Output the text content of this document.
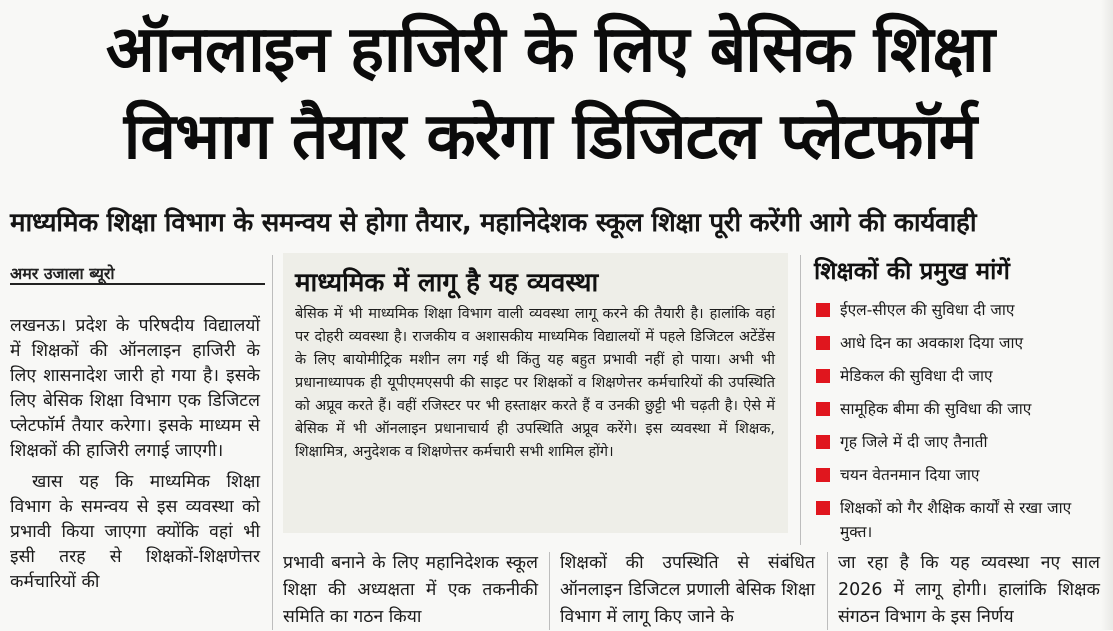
ऑनलाइन हाजिरी के लिए बेसिक शिक्षा
विभाग तैयार करेगा डिजिटल प्लेटफॉर्म
माध्यमिक शिक्षा विभाग के समन्वय से होगा तैयार, महानिदेशक स्कूल शिक्षा पूरी करेंगी आगे की कार्यवाही
अमर उजाला ब्यूरो

लखनऊ। प्रदेश के परिषदीय विद्यालयों में शिक्षकों की ऑनलाइन हाजिरी के लिए शासनादेश जारी हो गया है। इसके लिए बेसिक शिक्षा विभाग एक डिजिटल प्लेटफॉर्म तैयार करेगा। इसके माध्यम से शिक्षकों की हाजिरी लगाई जाएगी।

खास यह कि माध्यमिक शिक्षा विभाग के समन्वय से इस व्यवस्था को प्रभावी किया जाएगा क्योंकि वहां भी इसी तरह से शिक्षकों-शिक्षणेत्तर कर्मचारियों की

माध्यमिक में लागू है यह व्यवस्था
बेसिक में भी माध्यमिक शिक्षा विभाग वाली व्यवस्था लागू करने की तैयारी है। हालांकि वहां पर दोहरी व्यवस्था है। राजकीय व अशासकीय माध्यमिक विद्यालयों में पहले डिजिटल अटेंडेंस के लिए बायोमीट्रिक मशीन लग गई थी किंतु यह बहुत प्रभावी नहीं हो पाया। अभी भी प्रधानाध्यापक ही यूपीएमएसपी की साइट पर शिक्षकों व शिक्षणेत्तर कर्मचारियों की उपस्थिति को अप्रूव करते हैं। वहीं रजिस्टर पर भी हस्ताक्षर करते हैं व उनकी छुट्टी भी चढ़ती है। ऐसे में बेसिक में भी ऑनलाइन प्रधानाचार्य ही उपस्थिति अप्रूव करेंगे। इस व्यवस्था में शिक्षक, शिक्षामित्र, अनुदेशक व शिक्षणेत्तर कर्मचारी सभी शामिल होंगे।
शिक्षकों की प्रमुख मांगें
ईएल-सीएल की सुविधा दी जाए
आधे दिन का अवकाश दिया जाए
मेडिकल की सुविधा दी जाए
सामूहिक बीमा की सुविधा की जाए
गृह जिले में दी जाए तैनाती
चयन वेतनमान दिया जाए
शिक्षकों को गैर शैक्षिक कार्यों से रखा जाए मुक्त।
प्रभावी बनाने के लिए महानिदेशक स्कूल शिक्षा की अध्यक्षता में एक तकनीकी समिति का गठन किया
शिक्षकों की उपस्थिति से संबंधित ऑनलाइन डिजिटल प्रणाली बेसिक शिक्षा विभाग में लागू किए जाने के
जा रहा है कि यह व्यवस्था नए साल 2026 में लागू होगी। हालांकि शिक्षक संगठन विभाग के इस निर्णय
